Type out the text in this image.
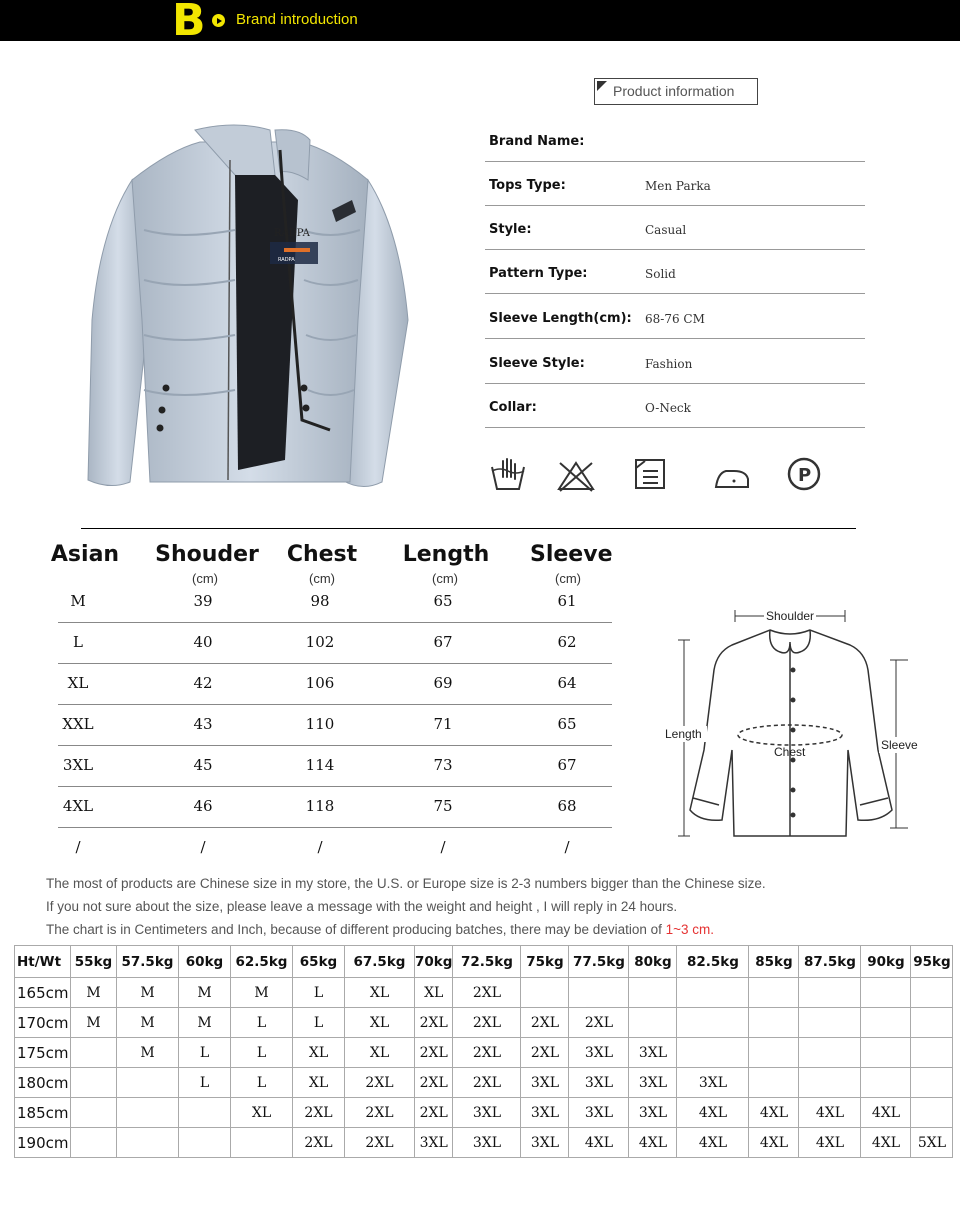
B Brand introduction
RADPA
RADPA
Product information
Brand Name:
Tops Type:	Men Parka
Style:	Casual
Pattern Type:	Solid
Sleeve Length(cm): 68-76 CM
Sleeve Style:	Fashion
Collar:	O-Neck
P
Asian Shouder Chest Length Sleeve
(cm)	(cm)	(cm)	(cm)
M	39	98	65	61
L	40	102	67	62
XL	42	106	69	64
XXL	43	110	71	65
3XL	45	114	73	67
4XL	46	118	75	68
/	/	/	/	/
Shoulder
Length
Chest	Sleeve
The most of products are Chinese size in my store, the U.S. or Europe size is 2-3 numbers bigger than the Chinese size.
If you not sure about the size, please leave a message with the weight and height , I will reply in 24 hours.
The chart is in Centimeters and Inch, because of different producing batches, there may be deviation of 1~3 cm.
Ht/Wt	55kg	57.5kg	60kg	62.5kg	65kg	67.5kg	70kg	72.5kg	75kg	77.5kg	80kg	82.5kg	85kg	87.5kg	90kg	95kg
165cm	M	M	M	M	L	XL	XL	2XL								
170cm	M	M	M	L	L	XL	2XL	2XL	2XL	2XL						
175cm		M	L	L	XL	XL	2XL	2XL	2XL	3XL	3XL					
180cm			L	L	XL	2XL	2XL	2XL	3XL	3XL	3XL	3XL				
185cm				XL	2XL	2XL	2XL	3XL	3XL	3XL	3XL	4XL	4XL	4XL	4XL	
190cm					2XL	2XL	3XL	3XL	3XL	4XL	4XL	4XL	4XL	4XL	4XL	5XL
